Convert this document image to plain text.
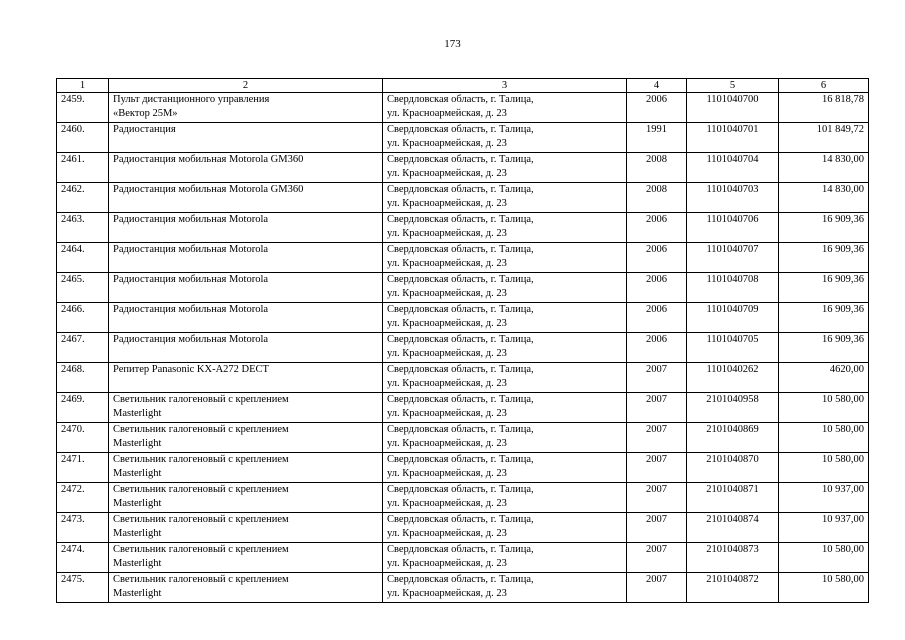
173
1	2	3	4	5	6
2459.	Пульт дистанционного управления
«Вектор 25М»	Свердловская область, г. Талица,
ул. Красноармейская, д. 23	2006	1101040700	16 818,78
2460.	Радиостанция	Свердловская область, г. Талица,
ул. Красноармейская, д. 23	1991	1101040701	101 849,72
2461.	Радиостанция мобильная Motorola GM360	Свердловская область, г. Талица,
ул. Красноармейская, д. 23	2008	1101040704	14 830,00
2462.	Радиостанция мобильная Motorola GM360	Свердловская область, г. Талица,
ул. Красноармейская, д. 23	2008	1101040703	14 830,00
2463.	Радиостанция мобильная Motorola	Свердловская область, г. Талица,
ул. Красноармейская, д. 23	2006	1101040706	16 909,36
2464.	Радиостанция мобильная Motorola	Свердловская область, г. Талица,
ул. Красноармейская, д. 23	2006	1101040707	16 909,36
2465.	Радиостанция мобильная Motorola	Свердловская область, г. Талица,
ул. Красноармейская, д. 23	2006	1101040708	16 909,36
2466.	Радиостанция мобильная Motorola	Свердловская область, г. Талица,
ул. Красноармейская, д. 23	2006	1101040709	16 909,36
2467.	Радиостанция мобильная Motorola	Свердловская область, г. Талица,
ул. Красноармейская, д. 23	2006	1101040705	16 909,36
2468.	Репитер Panasonic KX-A272 DECT	Свердловская область, г. Талица,
ул. Красноармейская, д. 23	2007	1101040262	4620,00
2469.	Светильник галогеновый с креплением
Masterlight	Свердловская область, г. Талица,
ул. Красноармейская, д. 23	2007	2101040958	10 580,00
2470.	Светильник галогеновый с креплением
Masterlight	Свердловская область, г. Талица,
ул. Красноармейская, д. 23	2007	2101040869	10 580,00
2471.	Светильник галогеновый с креплением
Masterlight	Свердловская область, г. Талица,
ул. Красноармейская, д. 23	2007	2101040870	10 580,00
2472.	Светильник галогеновый с креплением
Masterlight	Свердловская область, г. Талица,
ул. Красноармейская, д. 23	2007	2101040871	10 937,00
2473.	Светильник галогеновый с креплением
Masterlight	Свердловская область, г. Талица,
ул. Красноармейская, д. 23	2007	2101040874	10 937,00
2474.	Светильник галогеновый с креплением
Masterlight	Свердловская область, г. Талица,
ул. Красноармейская, д. 23	2007	2101040873	10 580,00
2475.	Светильник галогеновый с креплением
Masterlight	Свердловская область, г. Талица,
ул. Красноармейская, д. 23	2007	2101040872	10 580,00
